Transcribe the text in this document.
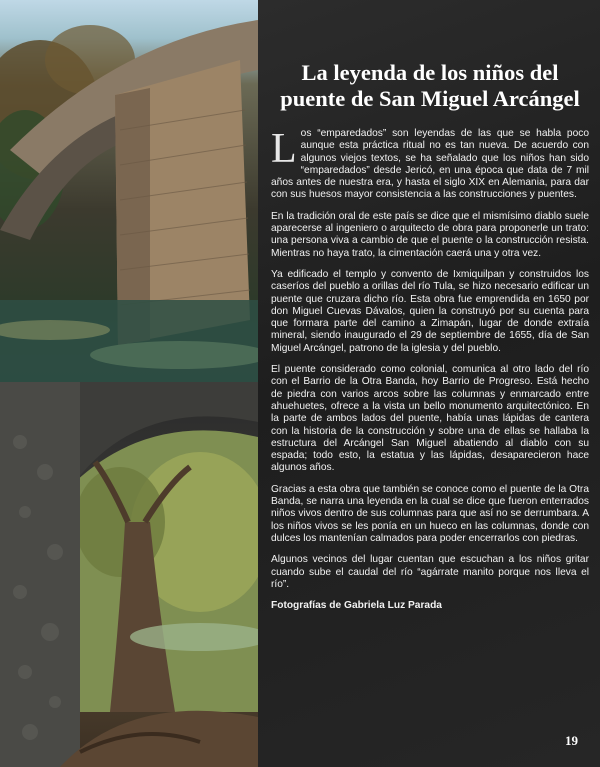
La leyenda de los niños del
puente de San Miguel Arcángel

Los “emparedados” son leyendas de las que se habla poco aunque esta práctica ritual no es tan nueva. De acuerdo con algunos viejos textos, se ha señalado que los niños han sido “emparedados” desde Jericó, en una época que data de 7 mil años antes de nuestra era, y hasta el siglo XIX en Alemania, para dar con sus huesos mayor consistencia a las construcciones y puentes.

En la tradición oral de este país se dice que el mismísimo diablo suele aparecerse al ingeniero o arquitecto de obra para proponerle un trato: una persona viva a cambio de que el puente o la construcción resista. Mientras no haya trato, la cimentación caerá una y otra vez.

Ya edificado el templo y convento de Ixmiquilpan y construidos los caseríos del pueblo a orillas del río Tula, se hizo necesario edificar un puente que cruzara dicho río. Esta obra fue emprendida en 1650 por don Miguel Cuevas Dávalos, quien la construyó por su cuenta para que formara parte del camino a Zimapán, lugar de donde extraía mineral, siendo inaugurado el 29 de septiembre de 1655, día de San Miguel Arcángel, patrono de la iglesia y del pueblo.

El puente considerado como colonial, comunica al otro lado del río con el Barrio de la Otra Banda, hoy Barrio de Progreso. Está hecho de piedra con varios arcos sobre las columnas y enmarcado entre ahuehuetes, ofrece a la vista un bello monumento arquitectónico. En la parte de ambos lados del puente, había unas lápidas de cantera con la historia de la construcción y sobre una de ellas se hallaba la estructura del Arcángel San Miguel abatiendo al diablo con su espada; todo esto, la estatua y las lápidas, desaparecieron hace algunos años.

Gracias a esta obra que también se conoce como el puente de la Otra Banda, se narra una leyenda en la cual se dice que fueron enterrados niños vivos dentro de sus columnas para que así no se derrumbara. A los niños vivos se les ponía en un hueco en las columnas, donde con dulces los mantenían calmados para poder encerrarlos con piedras.

Algunos vecinos del lugar cuentan que escuchan a los niños gritar cuando sube el caudal del río “agárrate manito porque nos lleva el río”.

Fotografías de Gabriela Luz Parada

19
